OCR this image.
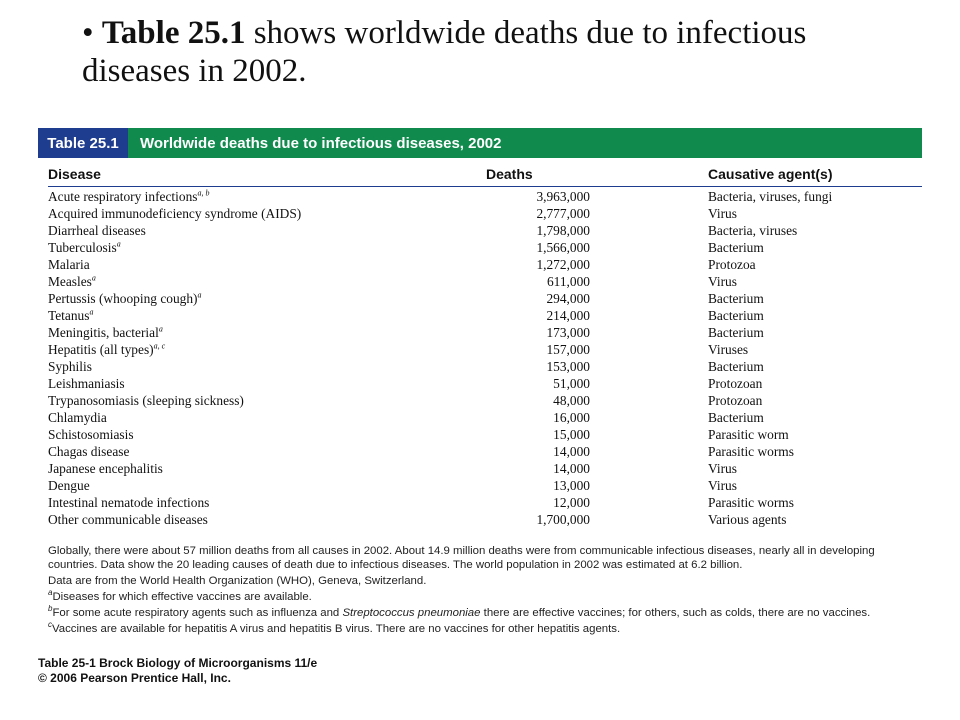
• Table 25.1 shows worldwide deaths due to infectious diseases in 2002.
Table 25.1	Worldwide deaths due to infectious diseases, 2002
Disease	Deaths	Causative agent(s)
Acute respiratory infections$^{a, b}$	3,963,000	Bacteria, viruses, fungi
Acquired immunodeficiency syndrome (AIDS)	2,777,000	Virus
Diarrheal diseases	1,798,000	Bacteria, viruses
Tuberculosis$^a$	1,566,000	Bacterium
Malaria	1,272,000	Protozoa
Measles$^a$	611,000	Virus
Pertussis (whooping cough)$^a$	294,000	Bacterium
Tetanus$^a$	214,000	Bacterium
Meningitis, bacterial$^a$	173,000	Bacterium
Hepatitis (all types)$^{a, c}$	157,000	Viruses
Syphilis	153,000	Bacterium
Leishmaniasis	51,000	Protozoan
Trypanosomiasis (sleeping sickness)	48,000	Protozoan
Chlamydia	16,000	Bacterium
Schistosomiasis	15,000	Parasitic worm
Chagas disease	14,000	Parasitic worms
Japanese encephalitis	14,000	Virus
Dengue	13,000	Virus
Intestinal nematode infections	12,000	Parasitic worms
Other communicable diseases	1,700,000	Various agents

Globally, there were about 57 million deaths from all causes in 2002. About 14.9 million deaths were from communicable infectious diseases, nearly all in developing countries. Data show the 20 leading causes of death due to infectious diseases. The world population in 2002 was estimated at 6.2 billion.

Data are from the World Health Organization (WHO), Geneva, Switzerland.

$^a$Diseases for which effective vaccines are available.

$^b$For some acute respiratory agents such as influenza and Streptococcus pneumoniae there are effective vaccines; for others, such as colds, there are no vaccines.

$^c$Vaccines are available for hepatitis A virus and hepatitis B virus. There are no vaccines for other hepatitis agents.

Table 25-1 Brock Biology of Microorganisms 11/e
© 2006 Pearson Prentice Hall, Inc.
